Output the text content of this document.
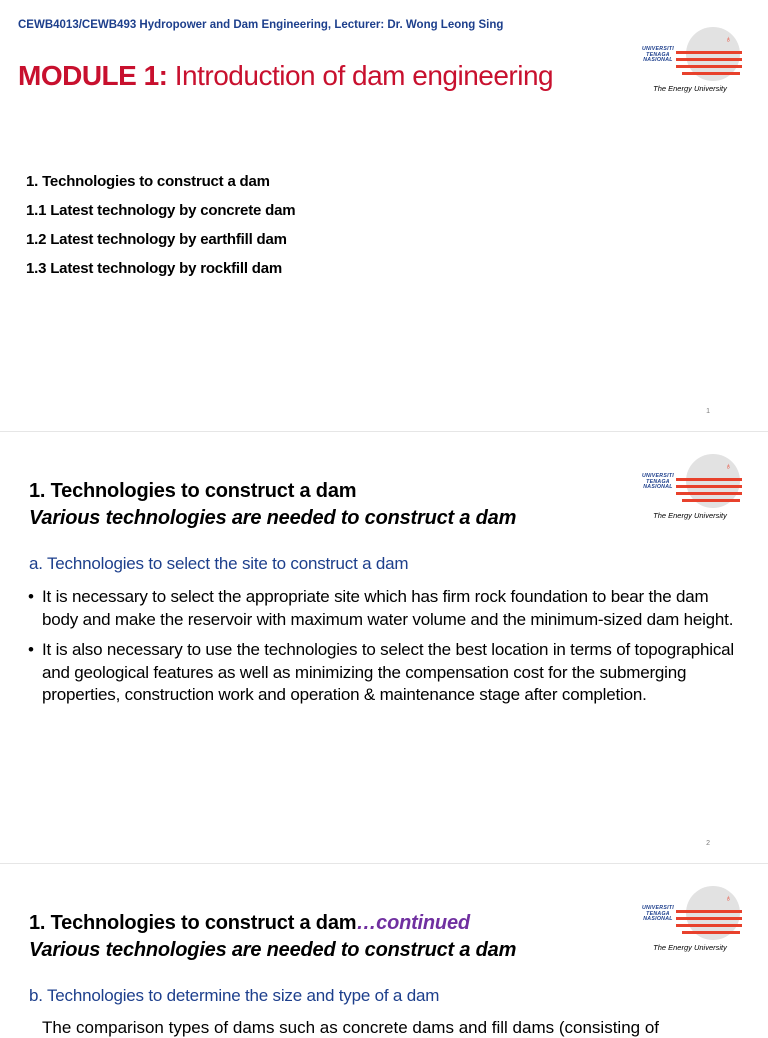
CEWB4013/CEWB493 Hydropower and Dam Engineering, Lecturer: Dr. Wong Leong Sing
MODULE 1: Introduction of dam engineering
♁
UNIVERSITI
TENAGA
NASIONAL
The Energy University
1. Technologies to construct a dam
1.1 Latest technology by concrete dam
1.2 Latest technology by earthfill dam
1.3 Latest technology by rockfill dam
1
♁
UNIVERSITI
TENAGA
NASIONAL
The Energy University
1. Technologies to construct a dam
Various technologies are needed to construct a dam
a. Technologies to select the site to construct a dam
• It is necessary to select the appropriate site which has firm rock foundation to bear the dam body and make the reservoir with maximum water volume and the minimum-sized dam height.
• It is also necessary to use the technologies to select the best location in terms of topographical and geological features as well as minimizing the compensation cost for the submerging properties, construction work and operation & maintenance stage after completion.
2
♁
UNIVERSITI
TENAGA
NASIONAL
The Energy University
1. Technologies to construct a dam…continued
Various technologies are needed to construct a dam
b. Technologies to determine the size and type of a dam
The comparison types of dams such as concrete dams and fill dams (consisting of
